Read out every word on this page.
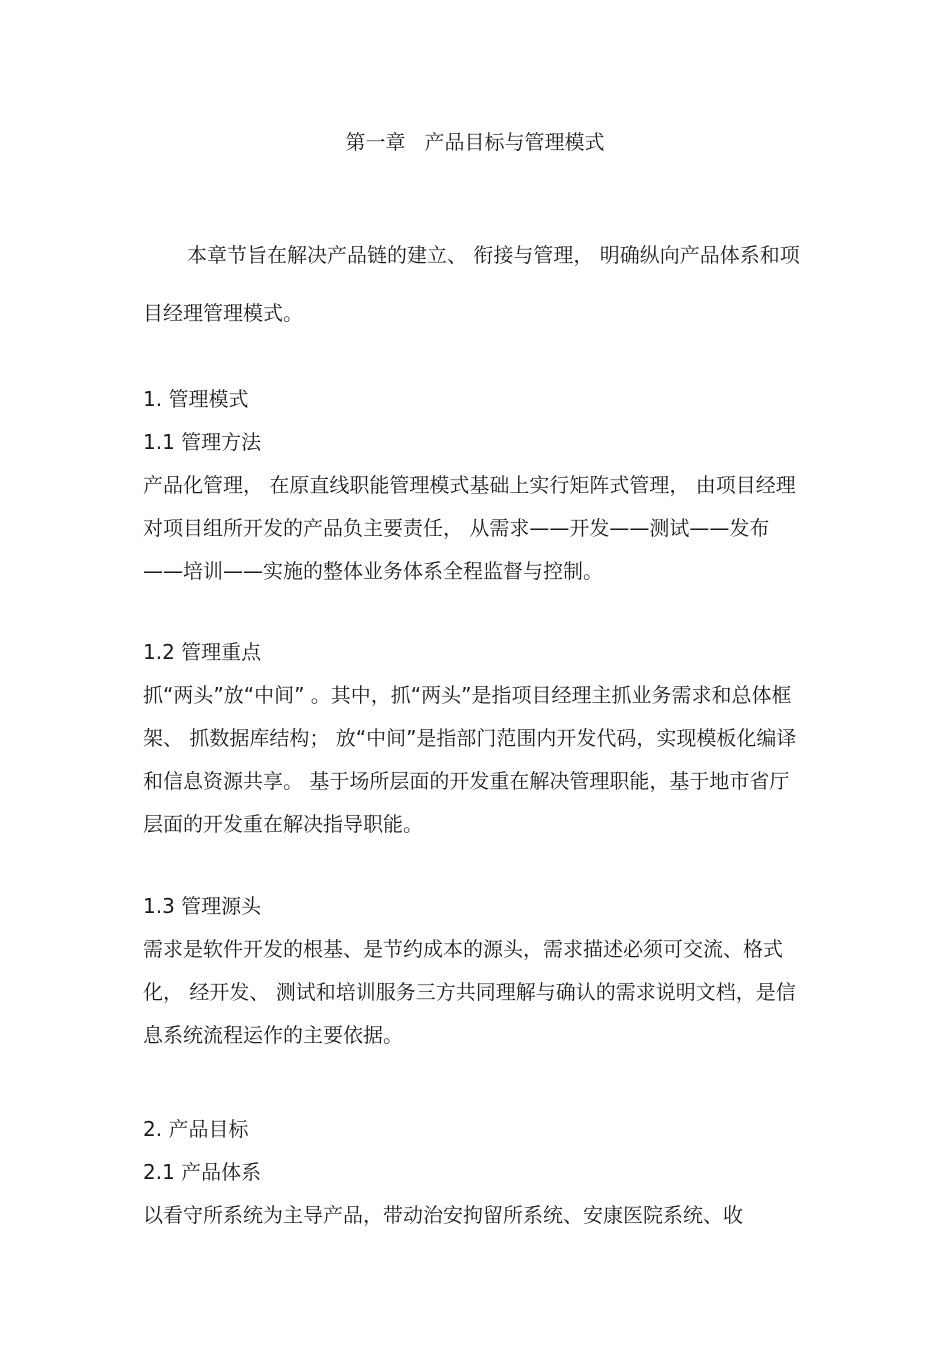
第一章   产品目标与管理模式

本章节旨在解决产品链的建立、 衔接与管理， 明确纵向产品体系和项目经理管理模式。

1. 管理模式

1.1 管理方法

产品化管理， 在原直线职能管理模式基础上实行矩阵式管理， 由项目经理对项目组所开发的产品负主要责任， 从需求——开发——测试——发布——培训——实施的整体业务体系全程监督与控制。

1.2 管理重点

抓“两头”放“中间” 。其中，抓“两头”是指项目经理主抓业务需求和总体框架、 抓数据库结构； 放“中间”是指部门范围内开发代码，实现模板化编译和信息资源共享。 基于场所层面的开发重在解决管理职能，基于地市省厅层面的开发重在解决指导职能。

1.3 管理源头

需求是软件开发的根基、是节约成本的源头，需求描述必须可交流、格式化， 经开发、 测试和培训服务三方共同理解与确认的需求说明文档，是信息系统流程运作的主要依据。

2. 产品目标

2.1 产品体系

以看守所系统为主导产品，带动治安拘留所系统、安康医院系统、收
